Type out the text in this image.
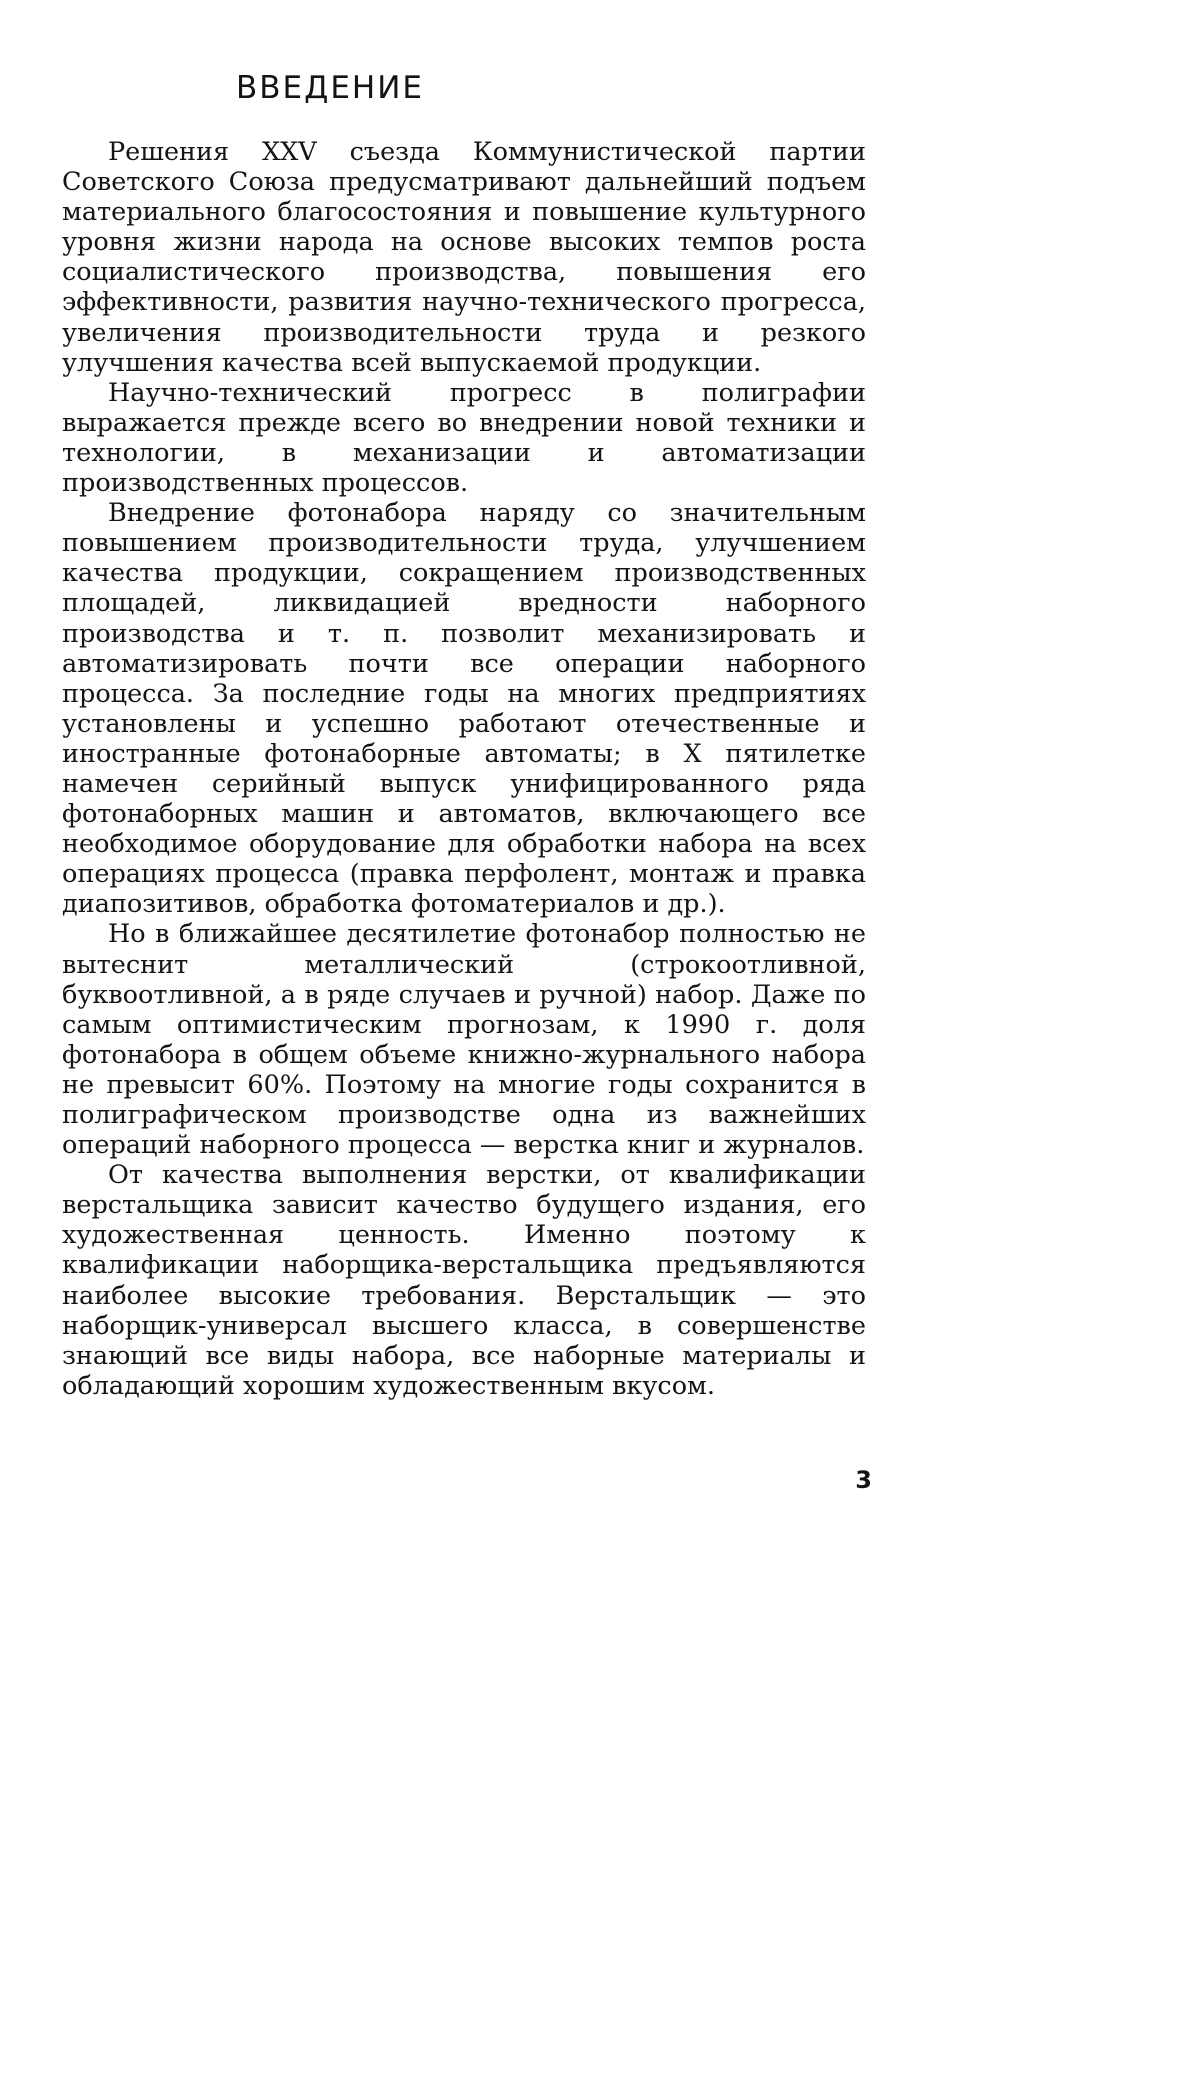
ВВЕДЕНИЕ

Решения XXV съезда Коммунистической партии Советского Союза предусматривают дальнейший подъем материального благосостояния и повышение культурного уровня жизни народа на основе высоких темпов роста социалистического производства, повышения его эффективности, развития научно-технического прогресса, увеличения производительности труда и резкого улучшения качества всей выпускаемой продукции.

Научно-технический прогресс в полиграфии выражается прежде всего во внедрении новой техники и технологии, в механизации и автоматизации производственных процессов.

Внедрение фотонабора наряду со значительным повышением производительности труда, улучшением качества продукции, сокращением производственных площадей, ликвидацией вредности наборного производства и т. п. позволит механизировать и автоматизировать почти все операции наборного процесса. За последние годы на многих предприятиях установлены и успешно работают отечественные и иностранные фотонаборные автоматы; в X пятилетке намечен серийный выпуск унифицированного ряда фотонаборных машин и автоматов, включающего все необходимое оборудование для обработки набора на всех операциях процесса (правка перфолент, монтаж и правка диапозитивов, обработка фотоматериалов и др.).

Но в ближайшее десятилетие фотонабор полностью не вытеснит металлический (строкоотливной, буквоотливной, а в ряде случаев и ручной) набор. Даже по самым оптимистическим прогнозам, к 1990 г. доля фотонабора в общем объеме книжно-журнального набора не превысит 60%. Поэтому на многие годы сохранится в полиграфическом производстве одна из важнейших операций наборного процесса — верстка книг и журналов.

От качества выполнения верстки, от квалификации верстальщика зависит качество будущего издания, его художественная ценность. Именно поэтому к квалификации наборщика-верстальщика предъявляются наиболее высокие требования. Верстальщик — это наборщик-универсал высшего класса, в совершенстве знающий все виды набора, все наборные материалы и обладающий хорошим художественным вкусом.

3
